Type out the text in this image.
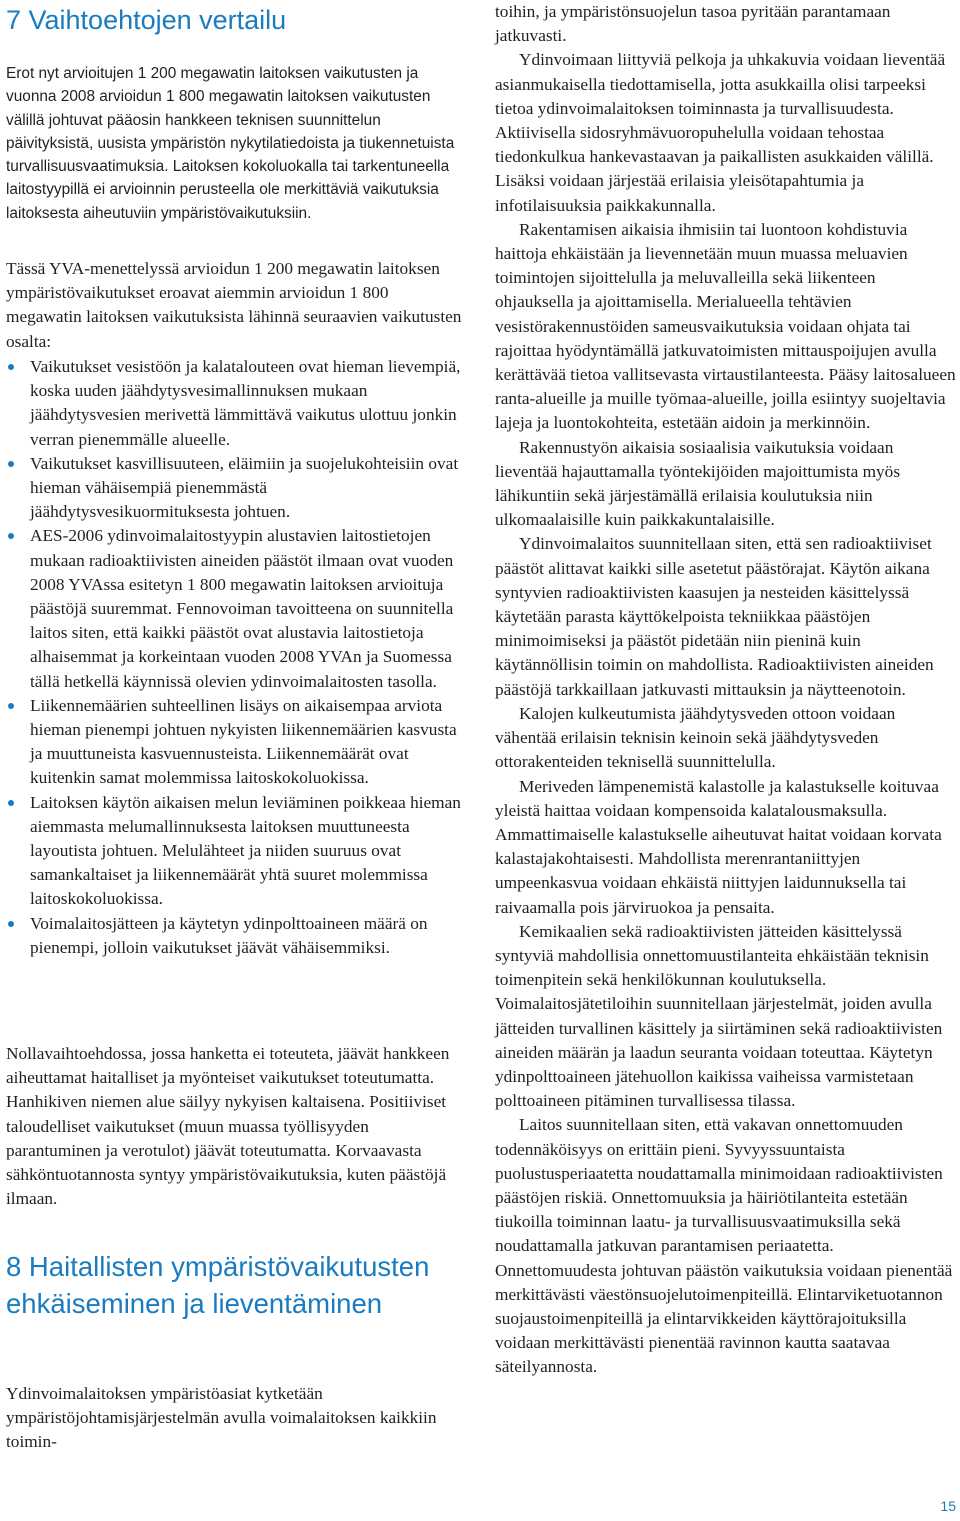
7 Vaihtoehtojen vertailu

Erot nyt arvioitujen 1 200 megawatin laitoksen vaikutusten ja vuonna 2008 arvioidun 1 800 megawatin laitoksen vaikutusten välillä johtuvat pääosin hankkeen teknisen suunnittelun päivityksistä, uusista ympäristön nykytilatiedoista ja tiukennetuista turvallisuusvaatimuksia. Laitoksen kokoluokalla tai tarkentuneella laitostyypillä ei arvioinnin perusteella ole merkittäviä vaikutuksia laitoksesta aiheutuviin ympäristövaikutuksiin.

Tässä YVA-menettelyssä arvioidun 1 200 megawatin laitoksen ympäristövaikutukset eroavat aiemmin arvioidun 1 800 megawatin laitoksen vaikutuksista lähinnä seuraavien vaikutusten osalta:

Vaikutukset vesistöön ja kalatalouteen ovat hieman lievempiä, koska uuden jäähdytysvesimallinnuksen mukaan jäähdytysvesien merivettä lämmittävä vaikutus ulottuu jonkin verran pienemmälle alueelle.
Vaikutukset kasvillisuuteen, eläimiin ja suojelukohteisiin ovat hieman vähäisempiä pienemmästä jäähdytysvesikuormituksesta johtuen.
AES-2006 ydinvoimalaitostyypin alustavien laitostietojen mukaan radioaktiivisten aineiden päästöt ilmaan ovat vuoden 2008 YVAssa esitetyn 1 800 megawatin laitoksen arvioituja päästöjä suuremmat. Fennovoiman tavoitteena on suunnitella laitos siten, että kaikki päästöt ovat alustavia laitostietoja alhaisemmat ja korkeintaan vuoden 2008 YVAn ja Suomessa tällä hetkellä käynnissä olevien ydinvoimalaitosten tasolla.
Liikennemäärien suhteellinen lisäys on aikaisempaa arviota hieman pienempi johtuen nykyisten liikennemäärien kasvusta ja muuttuneista kasvuennusteista. Liikennemäärät ovat kuitenkin samat molemmissa laitoskokoluokissa.
Laitoksen käytön aikaisen melun leviäminen poikkeaa hieman aiemmasta melumallinnuksesta laitoksen muuttuneesta layoutista johtuen. Melulähteet ja niiden suuruus ovat samankaltaiset ja liikennemäärät yhtä suuret molemmissa laitoskokoluokissa.
Voimalaitosjätteen ja käytetyn ydinpolttoaineen määrä on pienempi, jolloin vaikutukset jäävät vähäisemmiksi.

Nollavaihtoehdossa, jossa hanketta ei toteuteta, jäävät hankkeen aiheuttamat haitalliset ja myönteiset vaikutukset toteutumatta. Hanhikiven niemen alue säilyy nykyisen kaltaisena. Positiiviset taloudelliset vaikutukset (muun muassa työllisyyden parantuminen ja verotulot) jäävät toteutumatta. Korvaavasta sähköntuotannosta syntyy ympäristövaikutuksia, kuten päästöjä ilmaan.

8 Haitallisten ympäristövaikutusten ehkäiseminen ja lieventäminen

Ydinvoimalaitoksen ympäristöasiat kytketään ympäristöjohtamisjärjestelmän avulla voimalaitoksen kaikkiin toimin-

toihin, ja ympäristönsuojelun tasoa pyritään parantamaan jatkuvasti.

Ydinvoimaan liittyviä pelkoja ja uhkakuvia voidaan lieventää asianmukaisella tiedottamisella, jotta asukkailla olisi tarpeeksi tietoa ydinvoimalaitoksen toiminnasta ja turvallisuudesta. Aktiivisella sidosryhmävuoropuhelulla voidaan tehostaa tiedonkulkua hankevastaavan ja paikallisten asukkaiden välillä. Lisäksi voidaan järjestää erilaisia yleisötapahtumia ja infotilaisuuksia paikkakunnalla.

Rakentamisen aikaisia ihmisiin tai luontoon kohdistuvia haittoja ehkäistään ja lievennetään muun muassa meluavien toimintojen sijoittelulla ja meluvalleilla sekä liikenteen ohjauksella ja ajoittamisella. Merialueella tehtävien vesistörakennustöiden sameusvaikutuksia voidaan ohjata tai rajoittaa hyödyntämällä jatkuvatoimisten mittauspoijujen avulla kerättävää tietoa vallitsevasta virtaustilanteesta. Pääsy laitosalueen ranta-alueille ja muille työmaa-alueille, joilla esiintyy suojeltavia lajeja ja luontokohteita, estetään aidoin ja merkinnöin.

Rakennustyön aikaisia sosiaalisia vaikutuksia voidaan lieventää hajauttamalla työntekijöiden majoittumista myös lähikuntiin sekä järjestämällä erilaisia koulutuksia niin ulkomaalaisille kuin paikkakuntalaisille.

Ydinvoimalaitos suunnitellaan siten, että sen radioaktiiviset päästöt alittavat kaikki sille asetetut päästörajat. Käytön aikana syntyvien radioaktiivisten kaasujen ja nesteiden käsittelyssä käytetään parasta käyttökelpoista tekniikkaa päästöjen minimoimiseksi ja päästöt pidetään niin pieninä kuin käytännöllisin toimin on mahdollista. Radioaktiivisten aineiden päästöjä tarkkaillaan jatkuvasti mittauksin ja näytteenotoin.

Kalojen kulkeutumista jäähdytysveden ottoon voidaan vähentää erilaisin teknisin keinoin sekä jäähdytysveden ottorakenteiden teknisellä suunnittelulla.

Meriveden lämpenemistä kalastolle ja kalastukselle koituvaa yleistä haittaa voidaan kompensoida kalatalousmaksulla. Ammattimaiselle kalastukselle aiheutuvat haitat voidaan korvata kalastajakohtaisesti. Mahdollista merenrantaniittyjen umpeenkasvua voidaan ehkäistä niittyjen laidunnuksella tai raivaamalla pois järviruokoa ja pensaita.

Kemikaalien sekä radioaktiivisten jätteiden käsittelyssä syntyviä mahdollisia onnettomuustilanteita ehkäistään teknisin toimenpitein sekä henkilökunnan koulutuksella. Voimalaitosjätetiloihin suunnitellaan järjestelmät, joiden avulla jätteiden turvallinen käsittely ja siirtäminen sekä radioaktiivisten aineiden määrän ja laadun seuranta voidaan toteuttaa. Käytetyn ydinpolttoaineen jätehuollon kaikissa vaiheissa varmistetaan polttoaineen pitäminen turvallisessa tilassa.

Laitos suunnitellaan siten, että vakavan onnettomuuden todennäköisyys on erittäin pieni. Syvyyssuuntaista puolustusperiaatetta noudattamalla minimoidaan radioaktiivisten päästöjen riskiä. Onnettomuuksia ja häiriötilanteita estetään tiukoilla toiminnan laatu- ja turvallisuusvaatimuksilla sekä noudattamalla jatkuvan parantamisen periaatetta. Onnettomuudesta johtuvan päästön vaikutuksia voidaan pienentää merkittävästi väestönsuojelutoimenpiteillä. Elintarviketuotannon suojaustoimenpiteillä ja elintarvikkeiden käyttörajoituksilla voidaan merkittävästi pienentää ravinnon kautta saatavaa säteilyannosta.

15
